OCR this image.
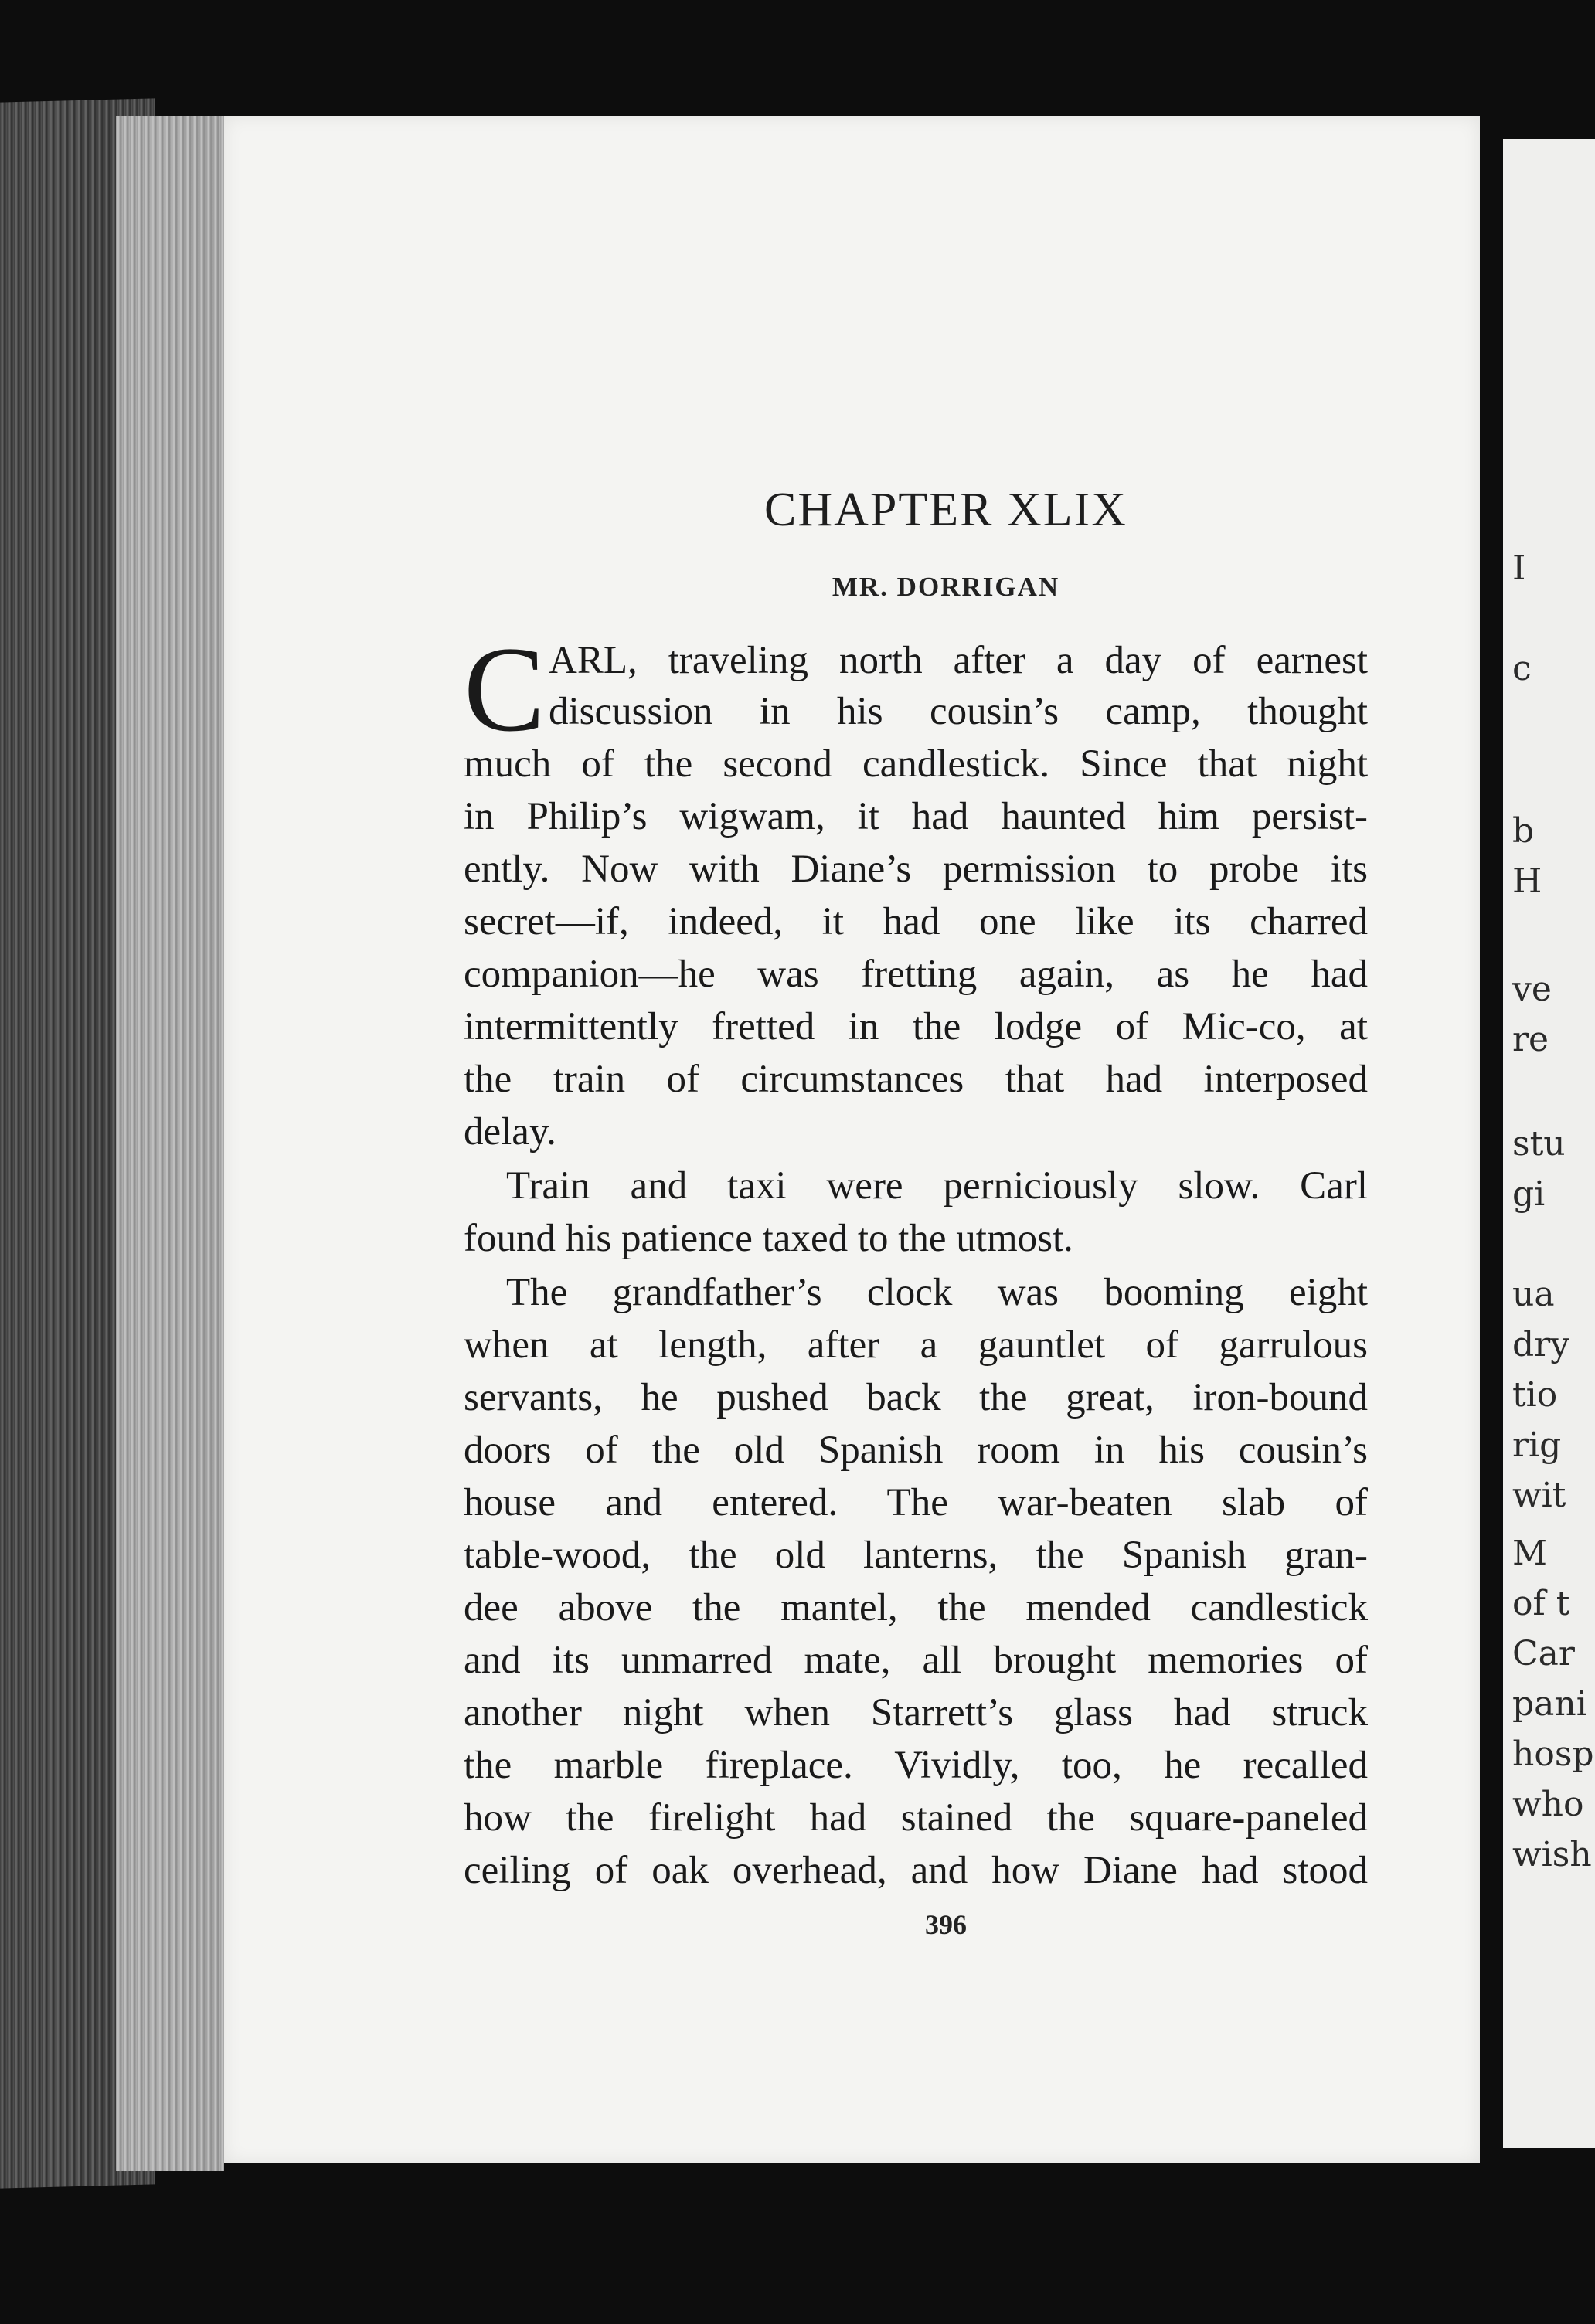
CHAPTER XLIX
MR. DORRIGAN
C ARL, traveling north after a day of earnest
discussion in his cousin’s camp, thought
much of the second candlestick. Since that night
in Philip’s wigwam, it had haunted him persist-
ently. Now with Diane’s permission to probe its
secret—if, indeed, it had one like its charred
companion—he was fretting again, as he had
intermittently fretted in the lodge of Mic-co, at
the train of circumstances that had interposed
delay.
Train and taxi were perniciously slow. Carl
found his patience taxed to the utmost.
The grandfather’s clock was booming eight
when at length, after a gauntlet of garrulous
servants, he pushed back the great, iron-bound
doors of the old Spanish room in his cousin’s
house and entered. The war-beaten slab of
table-wood, the old lanterns, the Spanish gran-
dee above the mantel, the mended candlestick
and its unmarred mate, all brought memories of
another night when Starrett’s glass had struck
the marble fireplace. Vividly, too, he recalled
how the firelight had stained the square-paneled
ceiling of oak overhead, and how Diane had stood
396
I
c
b
H
ve
re
stu
gi
ua
dry
tio
rig
wit
M
of t
Car
pani
hosp
who
wish
